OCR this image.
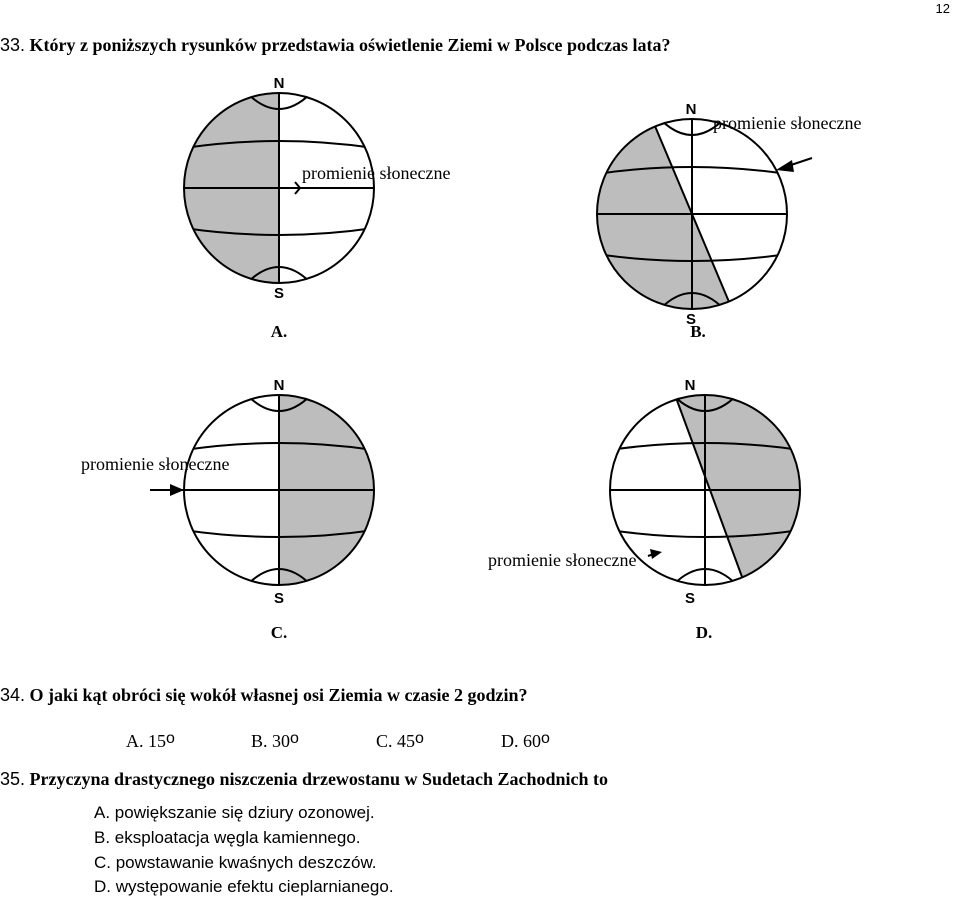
12
33. Który z poniższych rysunków przedstawia oświetlenie Ziemi w Polsce podczas lata?
N
S
promienie słoneczne
A.
N
S
promienie słoneczne
B.
N
S
promienie słoneczne
C.
N
S
promienie słoneczne
D.
34. O jaki kąt obróci się wokół własnej osi Ziemia w czasie 2 godzin?
A. 15$^o$	B. 30$^o$	C. 45$^o$	D. 60$^o$
35. Przyczyna drastycznego niszczenia drzewostanu w Sudetach Zachodnich to
A. powiększanie się dziury ozonowej.
B. eksploatacja węgla kamiennego.
C. powstawanie kwaśnych deszczów.
D. występowanie efektu cieplarnianego.
